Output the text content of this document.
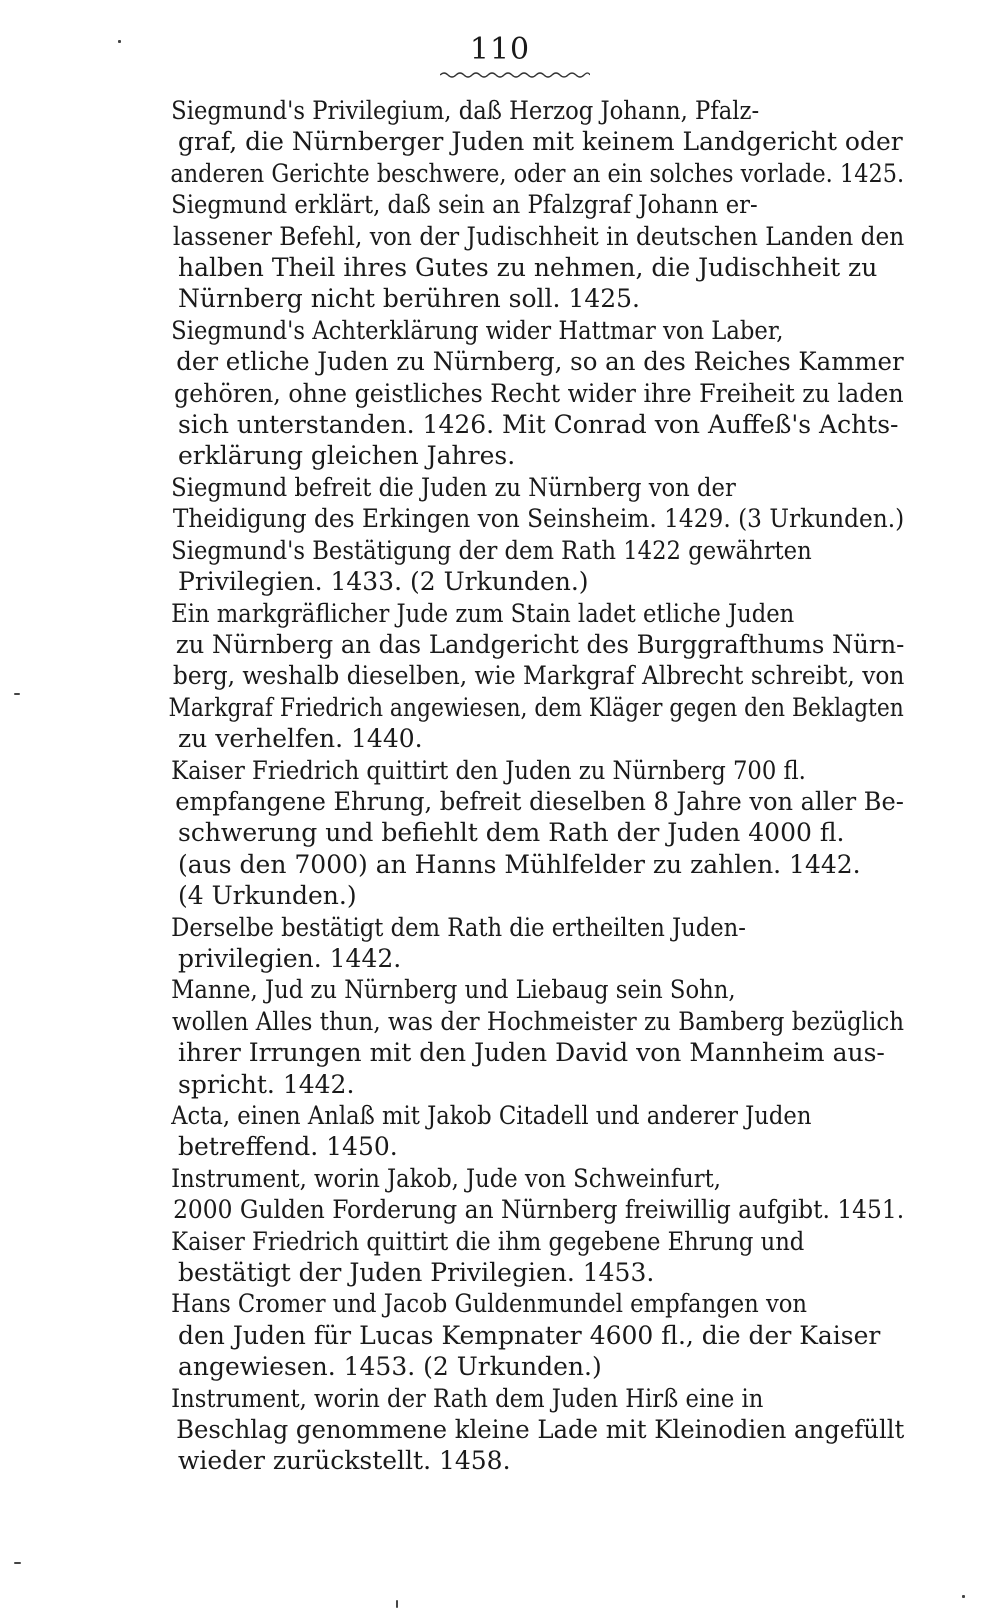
110

Siegmund's Privilegium, daß Herzog Johann, Pfalz-
graf, die Nürnberger Juden mit keinem Landgericht oder
anderen Gerichte beschwere, oder an ein solches vorlade. 1425.

Siegmund erklärt, daß sein an Pfalzgraf Johann er-
lassener Befehl, von der Judischheit in deutschen Landen den
halben Theil ihres Gutes zu nehmen, die Judischheit zu
Nürnberg nicht berühren soll. 1425.

Siegmund's Achterklärung wider Hattmar von Laber,
der etliche Juden zu Nürnberg, so an des Reiches Kammer
gehören, ohne geistliches Recht wider ihre Freiheit zu laden
sich unterstanden. 1426. Mit Conrad von Auffeß's Achts-
erklärung gleichen Jahres.

Siegmund befreit die Juden zu Nürnberg von der
Theidigung des Erkingen von Seinsheim. 1429. (3 Urkunden.)

Siegmund's Bestätigung der dem Rath 1422 gewährten
Privilegien. 1433. (2 Urkunden.)

Ein markgräflicher Jude zum Stain ladet etliche Juden
zu Nürnberg an das Landgericht des Burggrafthums Nürn-
berg, weshalb dieselben, wie Markgraf Albrecht schreibt, von
Markgraf Friedrich angewiesen, dem Kläger gegen den Beklagten
zu verhelfen. 1440.

Kaiser Friedrich quittirt den Juden zu Nürnberg 700 fl.
empfangene Ehrung, befreit dieselben 8 Jahre von aller Be-
schwerung und befiehlt dem Rath der Juden 4000 fl.
(aus den 7000) an Hanns Mühlfelder zu zahlen. 1442.
(4 Urkunden.)

Derselbe bestätigt dem Rath die ertheilten Juden-
privilegien. 1442.

Manne, Jud zu Nürnberg und Liebaug sein Sohn,
wollen Alles thun, was der Hochmeister zu Bamberg bezüglich
ihrer Irrungen mit den Juden David von Mannheim aus-
spricht. 1442.

Acta, einen Anlaß mit Jakob Citadell und anderer Juden
betreffend. 1450.

Instrument, worin Jakob, Jude von Schweinfurt,
2000 Gulden Forderung an Nürnberg freiwillig aufgibt. 1451.

Kaiser Friedrich quittirt die ihm gegebene Ehrung und
bestätigt der Juden Privilegien. 1453.

Hans Cromer und Jacob Guldenmundel empfangen von
den Juden für Lucas Kempnater 4600 fl., die der Kaiser
angewiesen. 1453. (2 Urkunden.)

Instrument, worin der Rath dem Juden Hirß eine in
Beschlag genommene kleine Lade mit Kleinodien angefüllt
wieder zurückstellt. 1458.
